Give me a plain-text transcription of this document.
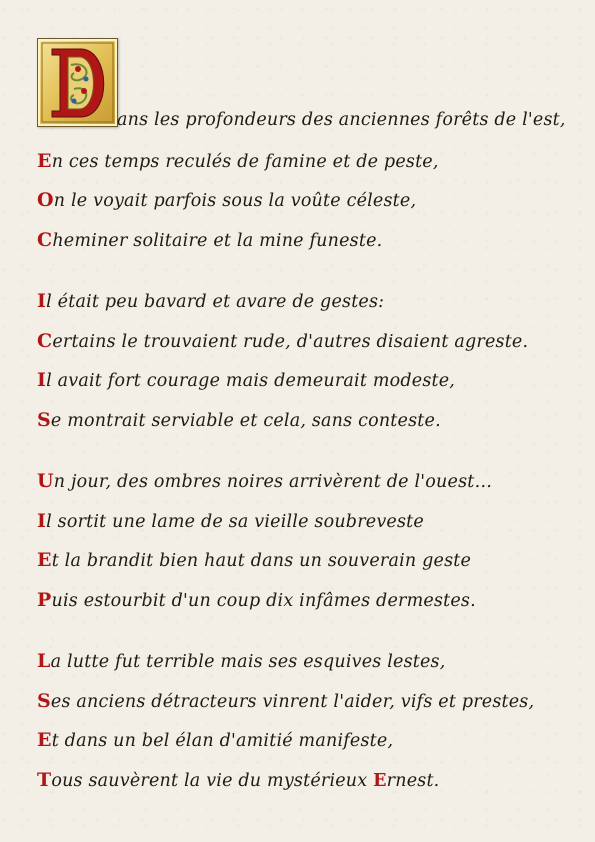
ans les profondeurs des anciennes forêts de l'est,
En ces temps reculés de famine et de peste,
On le voyait parfois sous la voûte céleste,
Cheminer solitaire et la mine funeste.
Il était peu bavard et avare de gestes:
Certains le trouvaient rude, d'autres disaient agreste.
Il avait fort courage mais demeurait modeste,
Se montrait serviable et cela, sans conteste.
Un jour, des ombres noires arrivèrent de l'ouest…
Il sortit une lame de sa vieille soubreveste
Et la brandit bien haut dans un souverain geste
Puis estourbit d'un coup dix infâmes dermestes.
La lutte fut terrible mais ses esquives lestes,
Ses anciens détracteurs vinrent l'aider, vifs et prestes,
Et dans un bel élan d'amitié manifeste,
Tous sauvèrent la vie du mystérieux Ernest.
